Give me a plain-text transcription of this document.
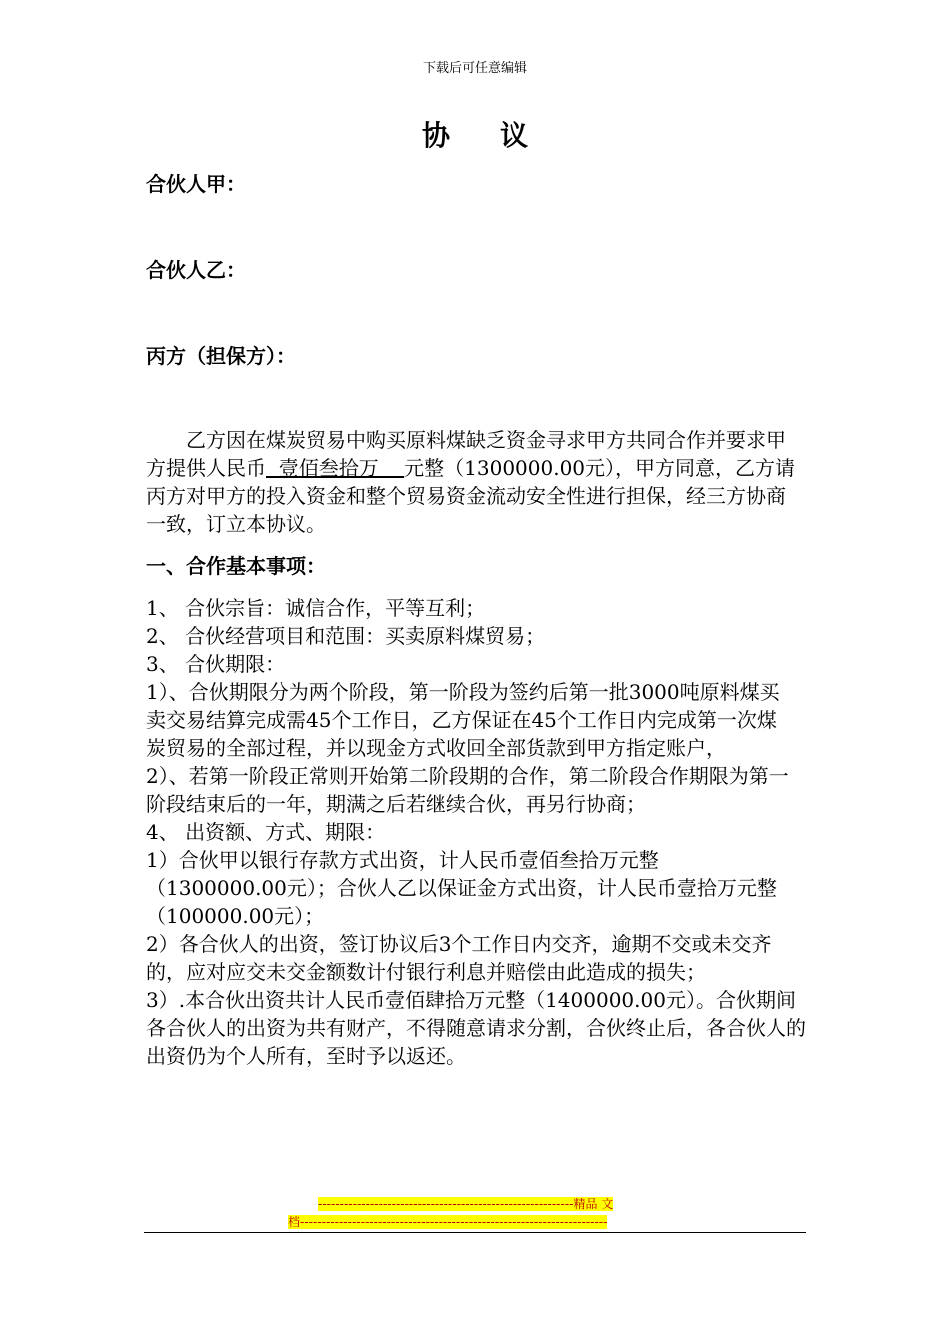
下载后可任意编辑
协议
合伙人甲：
合伙人乙：
丙方（担保方）：
乙方因在煤炭贸易中购买原料煤缺乏资金寻求甲方共同合作并要求甲方提供人民币  壹佰叁拾万    元整（1300000.00元），甲方同意，乙方请丙方对甲方的投入资金和整个贸易资金流动安全性进行担保，经三方协商一致，订立本协议。
一、合作基本事项：
1、 合伙宗旨：诚信合作，平等互利；
2、 合伙经营项目和范围：买卖原料煤贸易；
3、 合伙期限：
1）、合伙期限分为两个阶段，第一阶段为签约后第一批3000吨原料煤买卖交易结算完成需45个工作日，乙方保证在45个工作日内完成第一次煤炭贸易的全部过程，并以现金方式收回全部货款到甲方指定账户，
2）、若第一阶段正常则开始第二阶段期的合作，第二阶段合作期限为第一阶段结束后的一年，期满之后若继续合伙，再另行协商；
4、 出资额、方式、期限：
1）合伙甲以银行存款方式出资，计人民币壹佰叁拾万元整（1300000.00元）；合伙人乙以保证金方式出资，计人民币壹拾万元整（100000.00元）；
2）各合伙人的出资，签订协议后3个工作日内交齐，逾期不交或未交齐的，应对应交未交金额数计付银行利息并赔偿由此造成的损失；
3）.本合伙出资共计人民币壹佰肆拾万元整（1400000.00元）。合伙期间各合伙人的出资为共有财产，不得随意请求分割，合伙终止后，各合伙人的出资仍为个人所有，至时予以返还。
-----------------------------------------------------------精品 文
档-----------------------------------------------------------------------
